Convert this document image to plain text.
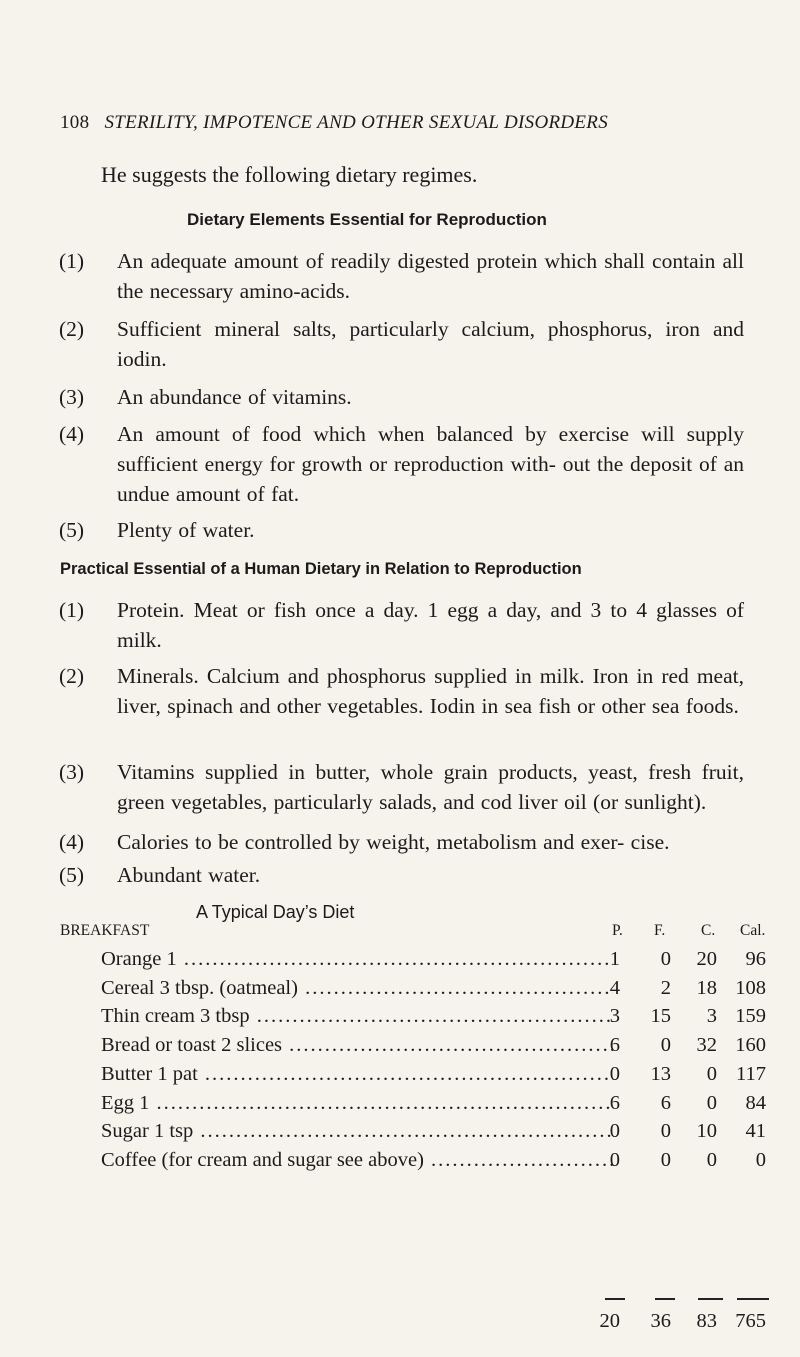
108 STERILITY, IMPOTENCE AND OTHER SEXUAL DISORDERS
He suggests the following dietary regimes.
Dietary Elements Essential for Reproduction
(1) An adequate amount of readily digested protein which shall contain all the necessary amino-acids.
(2) Sufficient mineral salts, particularly calcium, phosphorus, iron and iodin.
(3) An abundance of vitamins.
(4) An amount of food which when balanced by exercise will supply sufficient energy for growth or reproduction with- out the deposit of an undue amount of fat.
(5) Plenty of water.
Practical Essential of a Human Dietary in Relation to Reproduction
(1) Protein. Meat or fish once a day. 1 egg a day, and 3 to 4 glasses of milk.
(2) Minerals. Calcium and phosphorus supplied in milk. Iron in red meat, liver, spinach and other vegetables. Iodin in sea fish or other sea foods.
(3) Vitamins supplied in butter, whole grain products, yeast, fresh fruit, green vegetables, particularly salads, and cod liver oil (or sunlight).
(4) Calories to be controlled by weight, metabolism and exer- cise.
(5) Abundant water.
A Typical Day’s Diet
BREAKFAST	P. F. C. Cal.
Orange 1 .....	1 0 20 96
Cereal 3 tbsp. (oatmeal) .....	4 2 18 108
Thin cream 3 tbsp .....	3 15 3 159
Bread or toast 2 slices .....	6 0 32 160
Butter 1 pat .....	0 13 0 117
Egg 1 .....	6 6 0 84
Sugar 1 tsp .....	0 0 10 41
Coffee (for cream and sugar see above) .....	0 0 0 0
20 36 83 765
